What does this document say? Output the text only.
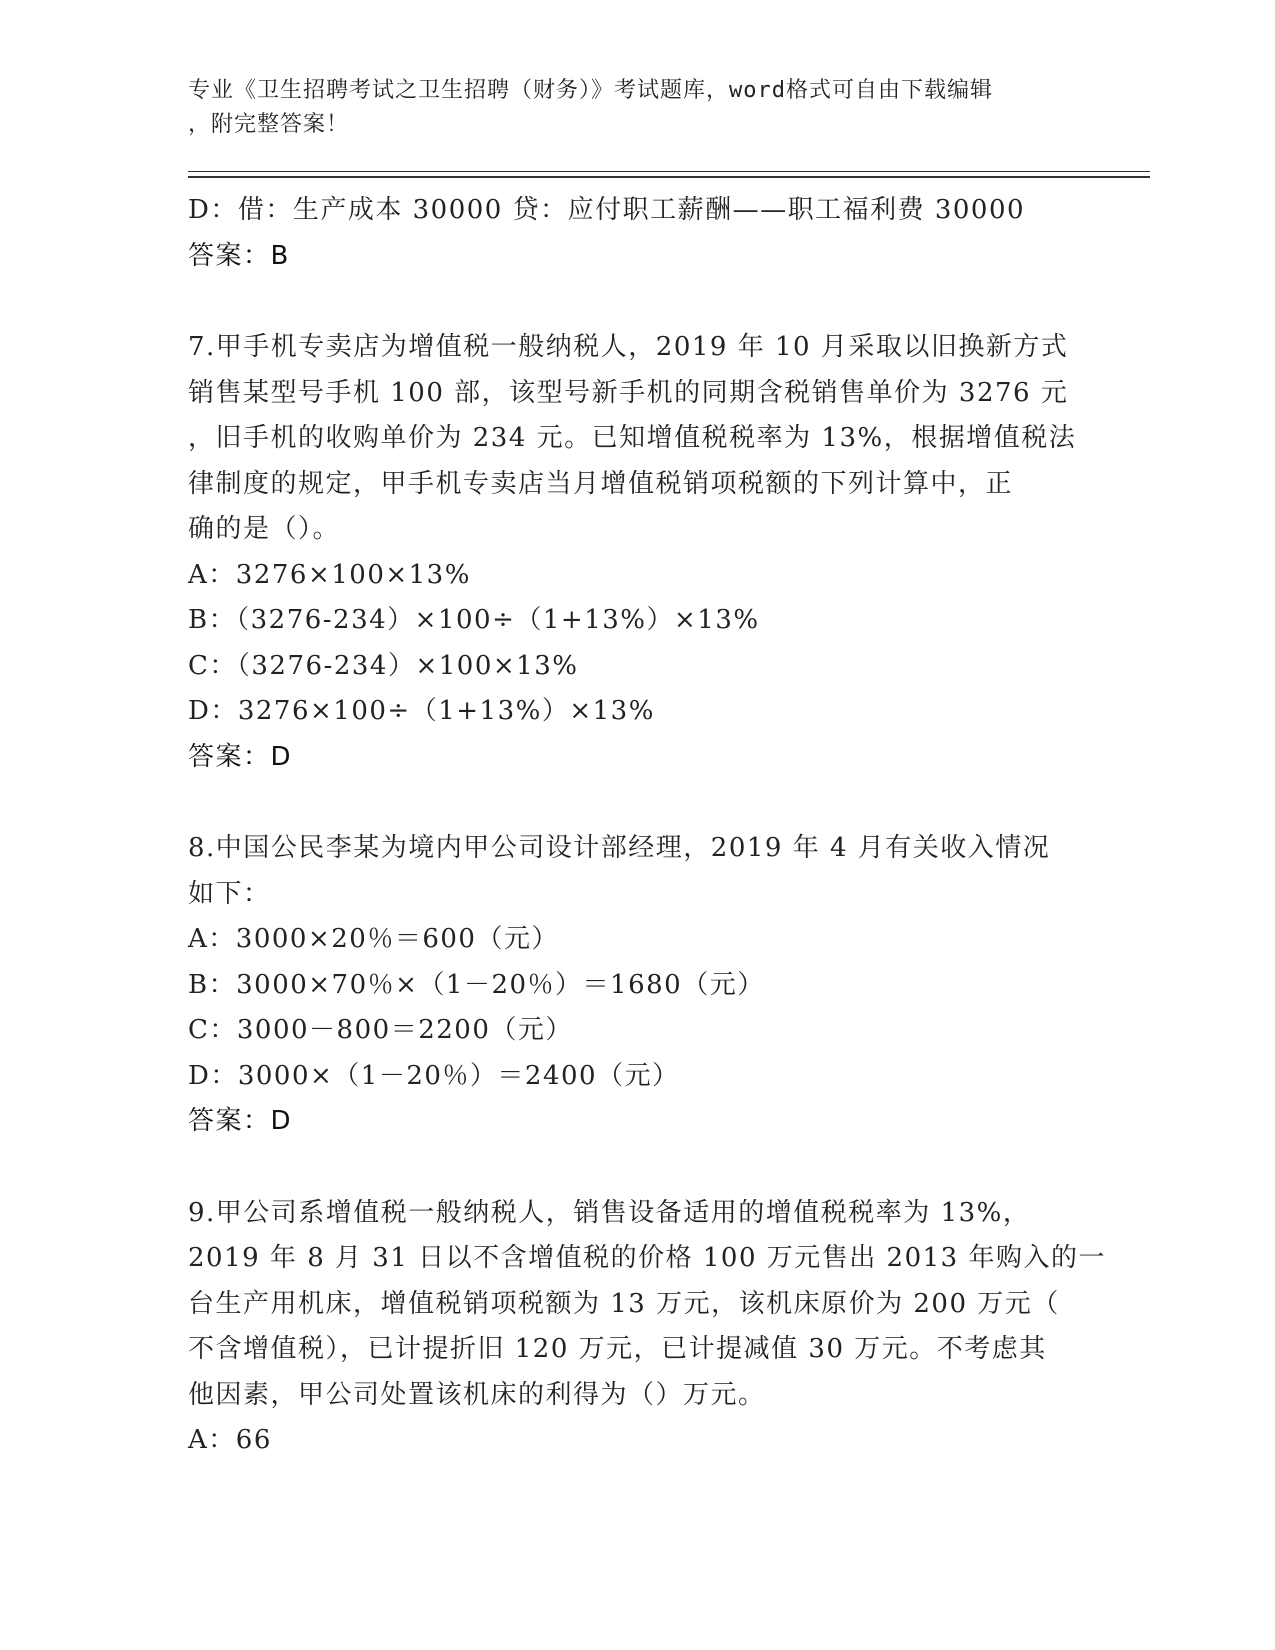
专业《卫生招聘考试之卫生招聘（财务）》考试题库，word格式可自由下载编辑
，附完整答案！
D：借：生产成本 30000 贷：应付职工薪酬——职工福利费 30000
答案：B
7.甲手机专卖店为增值税一般纳税人，2019 年 10 月采取以旧换新方式
销售某型号手机 100 部，该型号新手机的同期含税销售单价为 3276 元
，旧手机的收购单价为 234 元。已知增值税税率为 13%，根据增值税法
律制度的规定，甲手机专卖店当月增值税销项税额的下列计算中，正
确的是（）。
A：3276×100×13%
B：（3276-234）×100÷（1+13%）×13%
C：（3276-234）×100×13%
D：3276×100÷（1+13%）×13%
答案：D
8.中国公民李某为境内甲公司设计部经理，2019 年 4 月有关收入情况
如下：
A：3000×20％＝600（元）
B：3000×70％×（1－20％）＝1680（元）
C：3000－800＝2200（元）
D：3000×（1－20％）＝2400（元）
答案：D
9.甲公司系增值税一般纳税人，销售设备适用的增值税税率为 13%，
2019 年 8 月 31 日以不含增值税的价格 100 万元售出 2013 年购入的一
台生产用机床，增值税销项税额为 13 万元，该机床原价为 200 万元（
不含增值税），已计提折旧 120 万元，已计提减值 30 万元。不考虑其
他因素，甲公司处置该机床的利得为（）万元。
A：66
